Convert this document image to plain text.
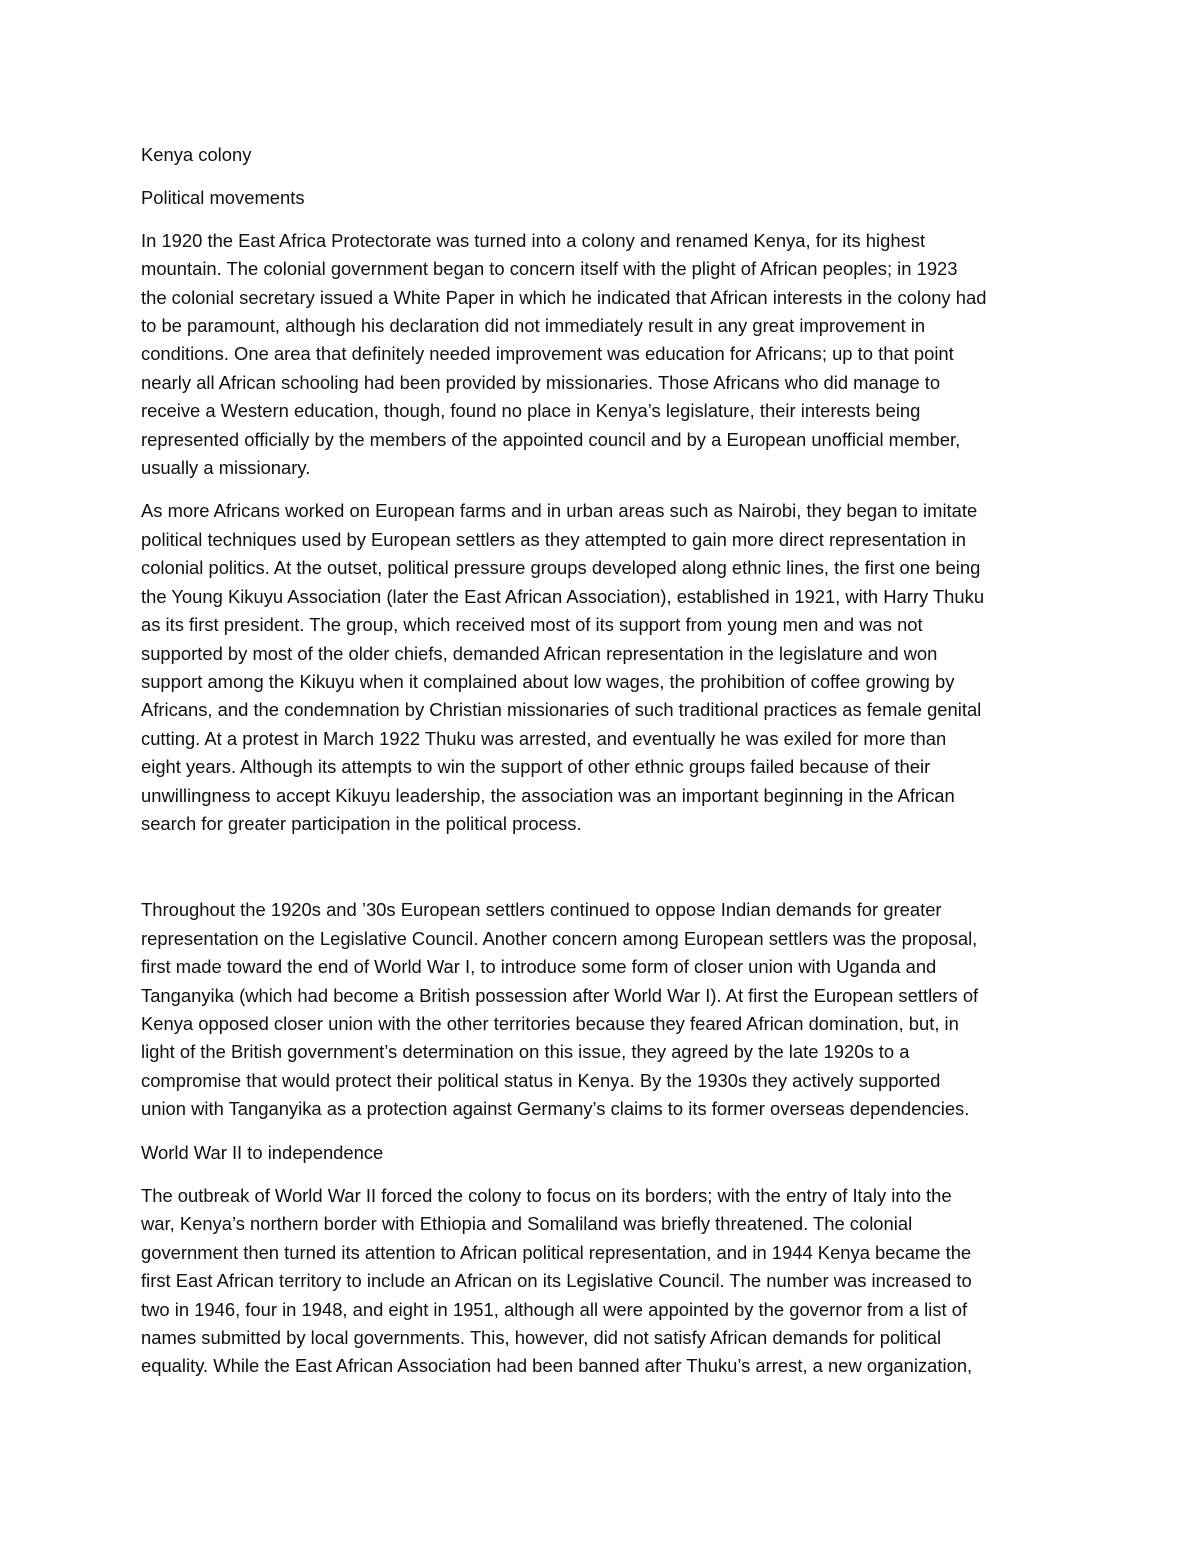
Kenya colony
Political movements
In 1920 the East Africa Protectorate was turned into a colony and renamed Kenya, for its highest
mountain. The colonial government began to concern itself with the plight of African peoples; in 1923
the colonial secretary issued a White Paper in which he indicated that African interests in the colony had
to be paramount, although his declaration did not immediately result in any great improvement in
conditions. One area that definitely needed improvement was education for Africans; up to that point
nearly all African schooling had been provided by missionaries. Those Africans who did manage to
receive a Western education, though, found no place in Kenya’s legislature, their interests being
represented officially by the members of the appointed council and by a European unofficial member,
usually a missionary.
As more Africans worked on European farms and in urban areas such as Nairobi, they began to imitate
political techniques used by European settlers as they attempted to gain more direct representation in
colonial politics. At the outset, political pressure groups developed along ethnic lines, the first one being
the Young Kikuyu Association (later the East African Association), established in 1921, with Harry Thuku
as its first president. The group, which received most of its support from young men and was not
supported by most of the older chiefs, demanded African representation in the legislature and won
support among the Kikuyu when it complained about low wages, the prohibition of coffee growing by
Africans, and the condemnation by Christian missionaries of such traditional practices as female genital
cutting. At a protest in March 1922 Thuku was arrested, and eventually he was exiled for more than
eight years. Although its attempts to win the support of other ethnic groups failed because of their
unwillingness to accept Kikuyu leadership, the association was an important beginning in the African
search for greater participation in the political process.
Throughout the 1920s and ’30s European settlers continued to oppose Indian demands for greater
representation on the Legislative Council. Another concern among European settlers was the proposal,
first made toward the end of World War I, to introduce some form of closer union with Uganda and
Tanganyika (which had become a British possession after World War I). At first the European settlers of
Kenya opposed closer union with the other territories because they feared African domination, but, in
light of the British government’s determination on this issue, they agreed by the late 1920s to a
compromise that would protect their political status in Kenya. By the 1930s they actively supported
union with Tanganyika as a protection against Germany’s claims to its former overseas dependencies.
World War II to independence
The outbreak of World War II forced the colony to focus on its borders; with the entry of Italy into the
war, Kenya’s northern border with Ethiopia and Somaliland was briefly threatened. The colonial
government then turned its attention to African political representation, and in 1944 Kenya became the
first East African territory to include an African on its Legislative Council. The number was increased to
two in 1946, four in 1948, and eight in 1951, although all were appointed by the governor from a list of
names submitted by local governments. This, however, did not satisfy African demands for political
equality. While the East African Association had been banned after Thuku’s arrest, a new organization,
